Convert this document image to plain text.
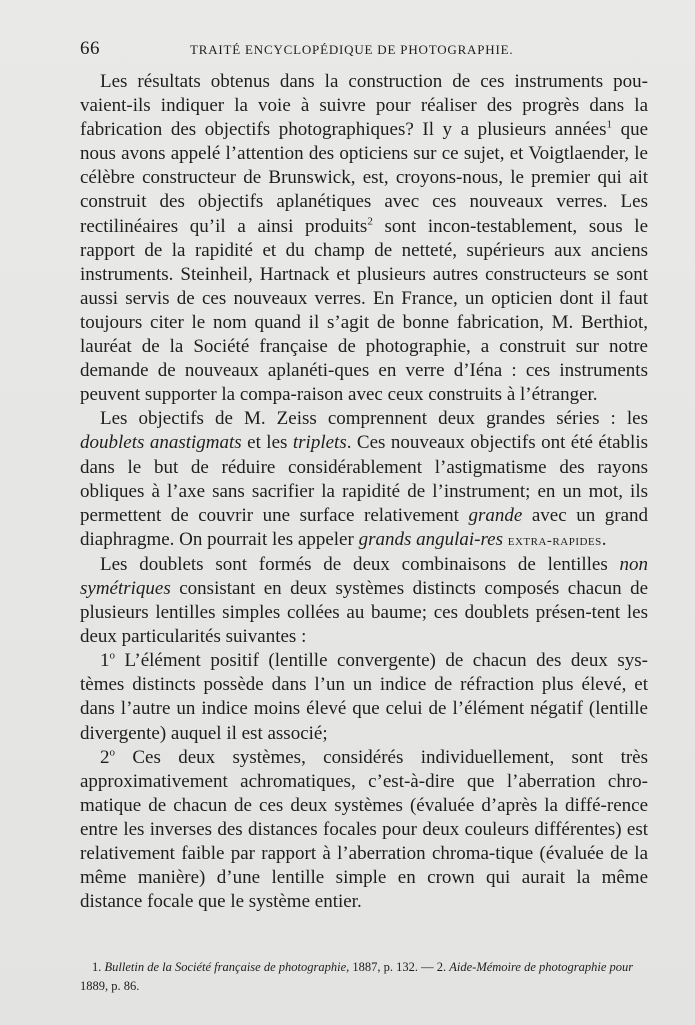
66	TRAITÉ ENCYCLOPÉDIQUE DE PHOTOGRAPHIE.

Les résultats obtenus dans la construction de ces instruments pou-vaient-ils indiquer la voie à suivre pour réaliser des progrès dans la fabrication des objectifs photographiques? Il y a plusieurs années$^1$ que nous avons appelé l’attention des opticiens sur ce sujet, et Voigtlaender, le célèbre constructeur de Brunswick, est, croyons-nous, le premier qui ait construit des objectifs aplanétiques avec ces nouveaux verres. Les rectilinéaires qu’il a ainsi produits$^2$ sont incon-testablement, sous le rapport de la rapidité et du champ de netteté, supérieurs aux anciens instruments. Steinheil, Hartnack et plusieurs autres constructeurs se sont aussi servis de ces nouveaux verres. En France, un opticien dont il faut toujours citer le nom quand il s’agit de bonne fabrication, M. Berthiot, lauréat de la Société française de photographie, a construit sur notre demande de nouveaux aplanéti-ques en verre d’Iéna : ces instruments peuvent supporter la compa-raison avec ceux construits à l’étranger.

Les objectifs de M. Zeiss comprennent deux grandes séries : les doublets anastigmats et les triplets. Ces nouveaux objectifs ont été établis dans le but de réduire considérablement l’astigmatisme des rayons obliques à l’axe sans sacrifier la rapidité de l’instrument; en un mot, ils permettent de couvrir une surface relativement grande avec un grand diaphragme. On pourrait les appeler grands angulai-res extra-rapides.

Les doublets sont formés de deux combinaisons de lentilles non symétriques consistant en deux systèmes distincts composés chacun de plusieurs lentilles simples collées au baume; ces doublets présen-tent les deux particularités suivantes :

1$^o$ L’élément positif (lentille convergente) de chacun des deux sys-tèmes distincts possède dans l’un un indice de réfraction plus élevé, et dans l’autre un indice moins élevé que celui de l’élément négatif (lentille divergente) auquel il est associé;

2$^o$ Ces deux systèmes, considérés individuellement, sont très approximativement achromatiques, c’est-à-dire que l’aberration chro-matique de chacun de ces deux systèmes (évaluée d’après la diffé-rence entre les inverses des distances focales pour deux couleurs différentes) est relativement faible par rapport à l’aberration chroma-tique (évaluée de la même manière) d’une lentille simple en crown qui aurait la même distance focale que le système entier.

1. Bulletin de la Société française de photographie, 1887, p. 132. — 2. Aide-Mémoire de photographie pour 1889, p. 86.
